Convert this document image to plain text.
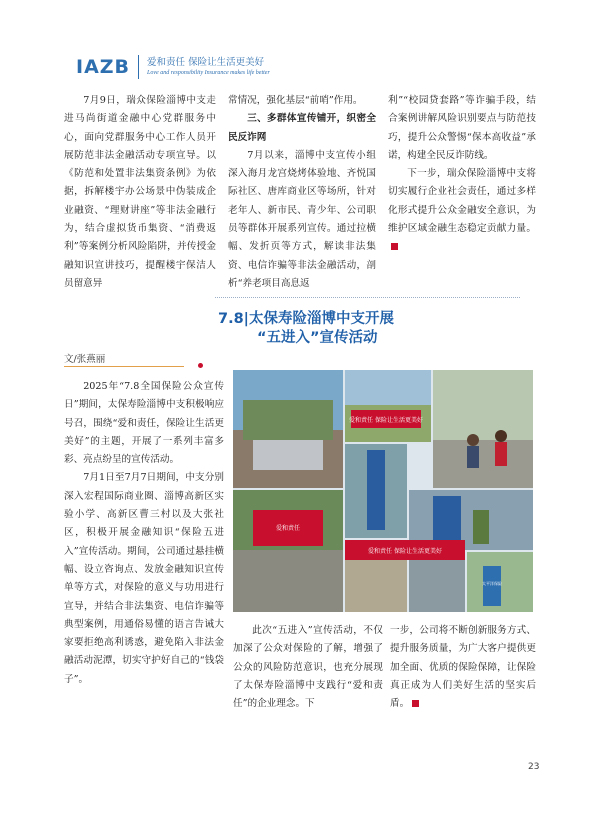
IAZB 爱和责任 保险让生活更美好
Love and responsibility Insurance makes life better

7月9日，瑞众保险淄博中支走进马尚街道金融中心党群服务中心，面向党群服务中心工作人员开展防范非法金融活动专项宣导。以《防范和处置非法集资条例》为依据，拆解楼宇办公场景中伪装成企业融资、“理财讲座”等非法金融行为，结合虚拟货币集资、“消费返利”等案例分析风险陷阱，并传授金融知识宣讲技巧，提醒楼宇保洁人员留意异

常情况，强化基层“前哨”作用。

三、多群体宣传铺开，织密全民反诈网

7月以来，淄博中支宣传小组深入海月龙宫烧烤体验地、齐悦国际社区、唐库商业区等场所，针对老年人、新市民、青少年、公司职员等群体开展系列宣传。通过拉横幅、发折页等方式，解读非法集资、电信诈骗等非法金融活动，剖析“养老项目高息返

利”“校园贷套路”等诈骗手段，结合案例讲解风险识别要点与防范技巧，提升公众警惕“保本高收益”承诺，构建全民反诈防线。

下一步，瑞众保险淄博中支将切实履行企业社会责任，通过多样化形式提升公众金融安全意识，为维护区域金融生态稳定贡献力量。

7.8|太保寿险淄博中支开展
“五进入”宣传活动
文/张燕丽

2025年“7.8全国保险公众宣传日”期间，太保寿险淄博中支积极响应号召，围绕“爱和责任，保险让生活更美好”的主题，开展了一系列丰富多彩、亮点纷呈的宣传活动。

7月1日至7月7日期间，中支分别深入宏程国际商业圈、淄博高新区实验小学、高新区曹三村以及大张社区，积极开展金融知识“保险五进入”宣传活动。期间，公司通过悬挂横幅、设立咨询点、发放金融知识宣传单等方式，对保险的意义与功用进行宣导，并结合非法集资、电信诈骗等典型案例，用通俗易懂的语言告诫大家要拒绝高利诱惑，避免陷入非法金融活动泥潭，切实守护好自己的“钱袋子”。

爱和责任 保险让生活更美好
爱和责任
爱和责任 保险让生活更美好
太平洋保险

此次“五进入”宣传活动，不仅加深了公众对保险的了解，增强了公众的风险防范意识，也充分展现了太保寿险淄博中支践行“爱和责任”的企业理念。下

一步，公司将不断创新服务方式、提升服务质量，为广大客户提供更加全面、优质的保险保障，让保险真正成为人们美好生活的坚实后盾。

23
